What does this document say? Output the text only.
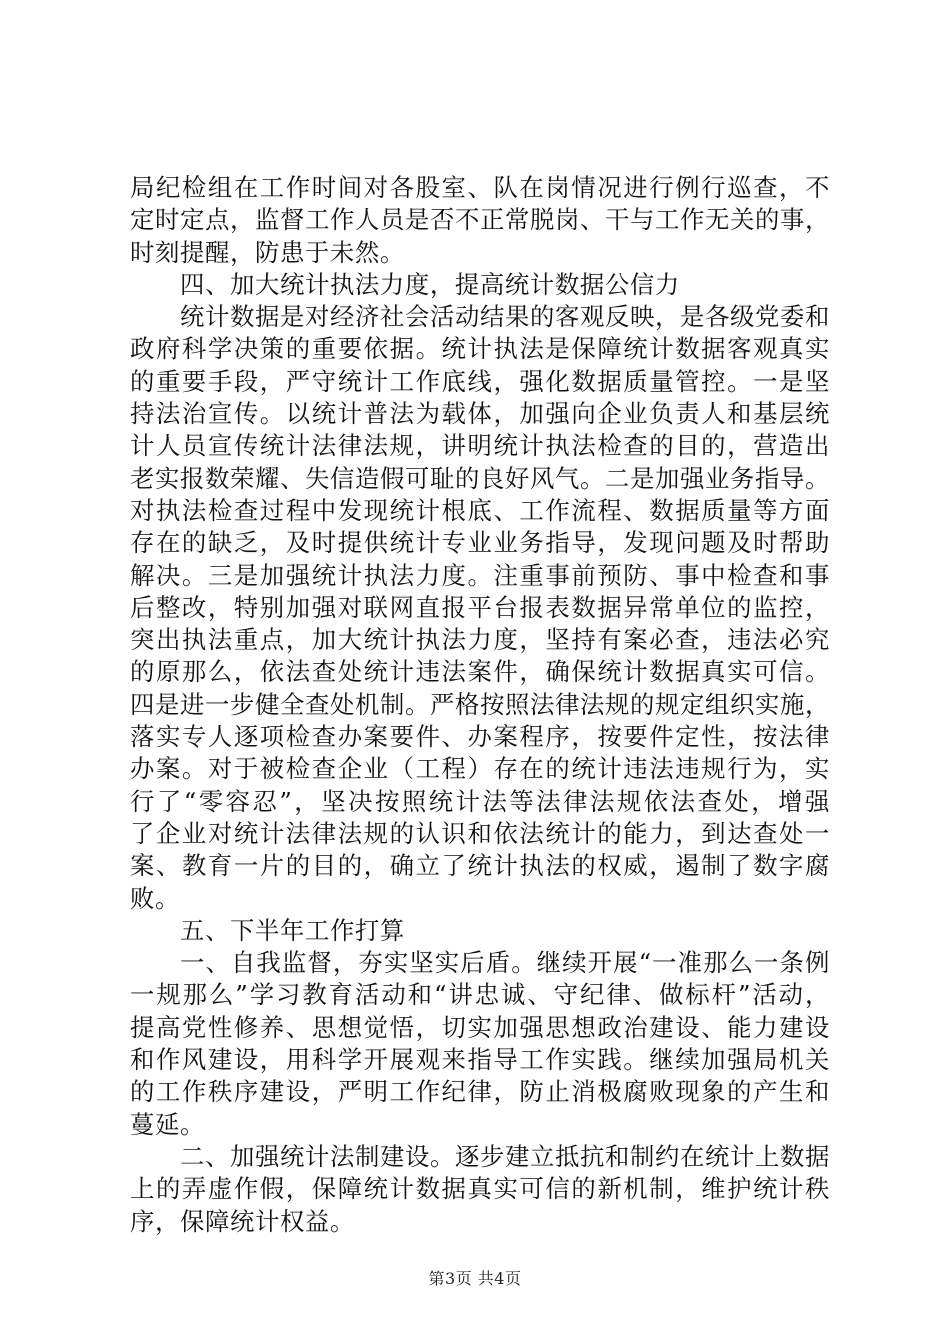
局纪检组在工作时间对各股室、队在岗情况进行例行巡查，不
定时定点，监督工作人员是否不正常脱岗、干与工作无关的事，
时刻提醒，防患于未然。
四、加大统计执法力度，提高统计数据公信力
统计数据是对经济社会活动结果的客观反映，是各级党委和
政府科学决策的重要依据。统计执法是保障统计数据客观真实
的重要手段，严守统计工作底线，强化数据质量管控。一是坚
持法治宣传。以统计普法为载体，加强向企业负责人和基层统
计人员宣传统计法律法规，讲明统计执法检查的目的，营造出
老实报数荣耀、失信造假可耻的良好风气。二是加强业务指导。
对执法检查过程中发现统计根底、工作流程、数据质量等方面
存在的缺乏，及时提供统计专业业务指导，发现问题及时帮助
解决。三是加强统计执法力度。注重事前预防、事中检查和事
后整改，特别加强对联网直报平台报表数据异常单位的监控，
突出执法重点，加大统计执法力度，坚持有案必查，违法必究
的原那么，依法查处统计违法案件，确保统计数据真实可信。
四是进一步健全查处机制。严格按照法律法规的规定组织实施，
落实专人逐项检查办案要件、办案程序，按要件定性，按法律
办案。对于被检查企业（工程）存在的统计违法违规行为，实
行了“零容忍”，坚决按照统计法等法律法规依法查处，增强
了企业对统计法律法规的认识和依法统计的能力，到达查处一
案、教育一片的目的，确立了统计执法的权威，遏制了数字腐
败。
五、下半年工作打算
一、自我监督，夯实坚实后盾。继续开展“一准那么一条例
一规那么”学习教育活动和“讲忠诚、守纪律、做标杆”活动，
提高党性修养、思想觉悟，切实加强思想政治建设、能力建设
和作风建设，用科学开展观来指导工作实践。继续加强局机关
的工作秩序建设，严明工作纪律，防止消极腐败现象的产生和
蔓延。
二、加强统计法制建设。逐步建立抵抗和制约在统计上数据
上的弄虚作假，保障统计数据真实可信的新机制，维护统计秩
序，保障统计权益。
第3页 共4页
